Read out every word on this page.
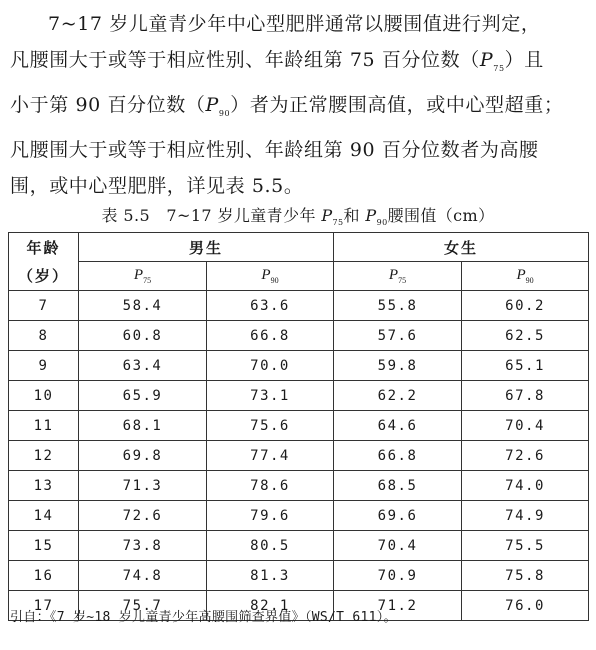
7~17 岁儿童青少年中心型肥胖通常以腰围值进行判定，

凡腰围大于或等于相应性别、年龄组第 75 百分位数$(P_{75})$且
小于第 90 百分位数$(P_{90})$者为正常腰围高值，或中心型超重；
凡腰围大于或等于相应性别、年龄组第 90 百分位数者为高腰
围，或中心型肥胖，详见表 5.5。
表 5.5　7~17 岁儿童青少年 $P_{75}$和 $P_{90}$腰围值（cm）
年龄
（岁）	男生		女生	
	$P_{75}$	$P_{90}$	$P_{75}$	$P_{90}$
7	58.4	63.6	55.8	60.2
8	60.8	66.8	57.6	62.5
9	63.4	70.0	59.8	65.1
10	65.9	73.1	62.2	67.8
11	68.1	75.6	64.6	70.4
12	69.8	77.4	66.8	72.6
13	71.3	78.6	68.5	74.0
14	72.6	79.6	69.6	74.9
15	73.8	80.5	70.4	75.5
16	74.8	81.3	70.9	75.8
17	75.7	82.1	71.2	76.0
引自：《7 岁~18 岁儿童青少年高腰围筛查界值》（WS/T 611）。
